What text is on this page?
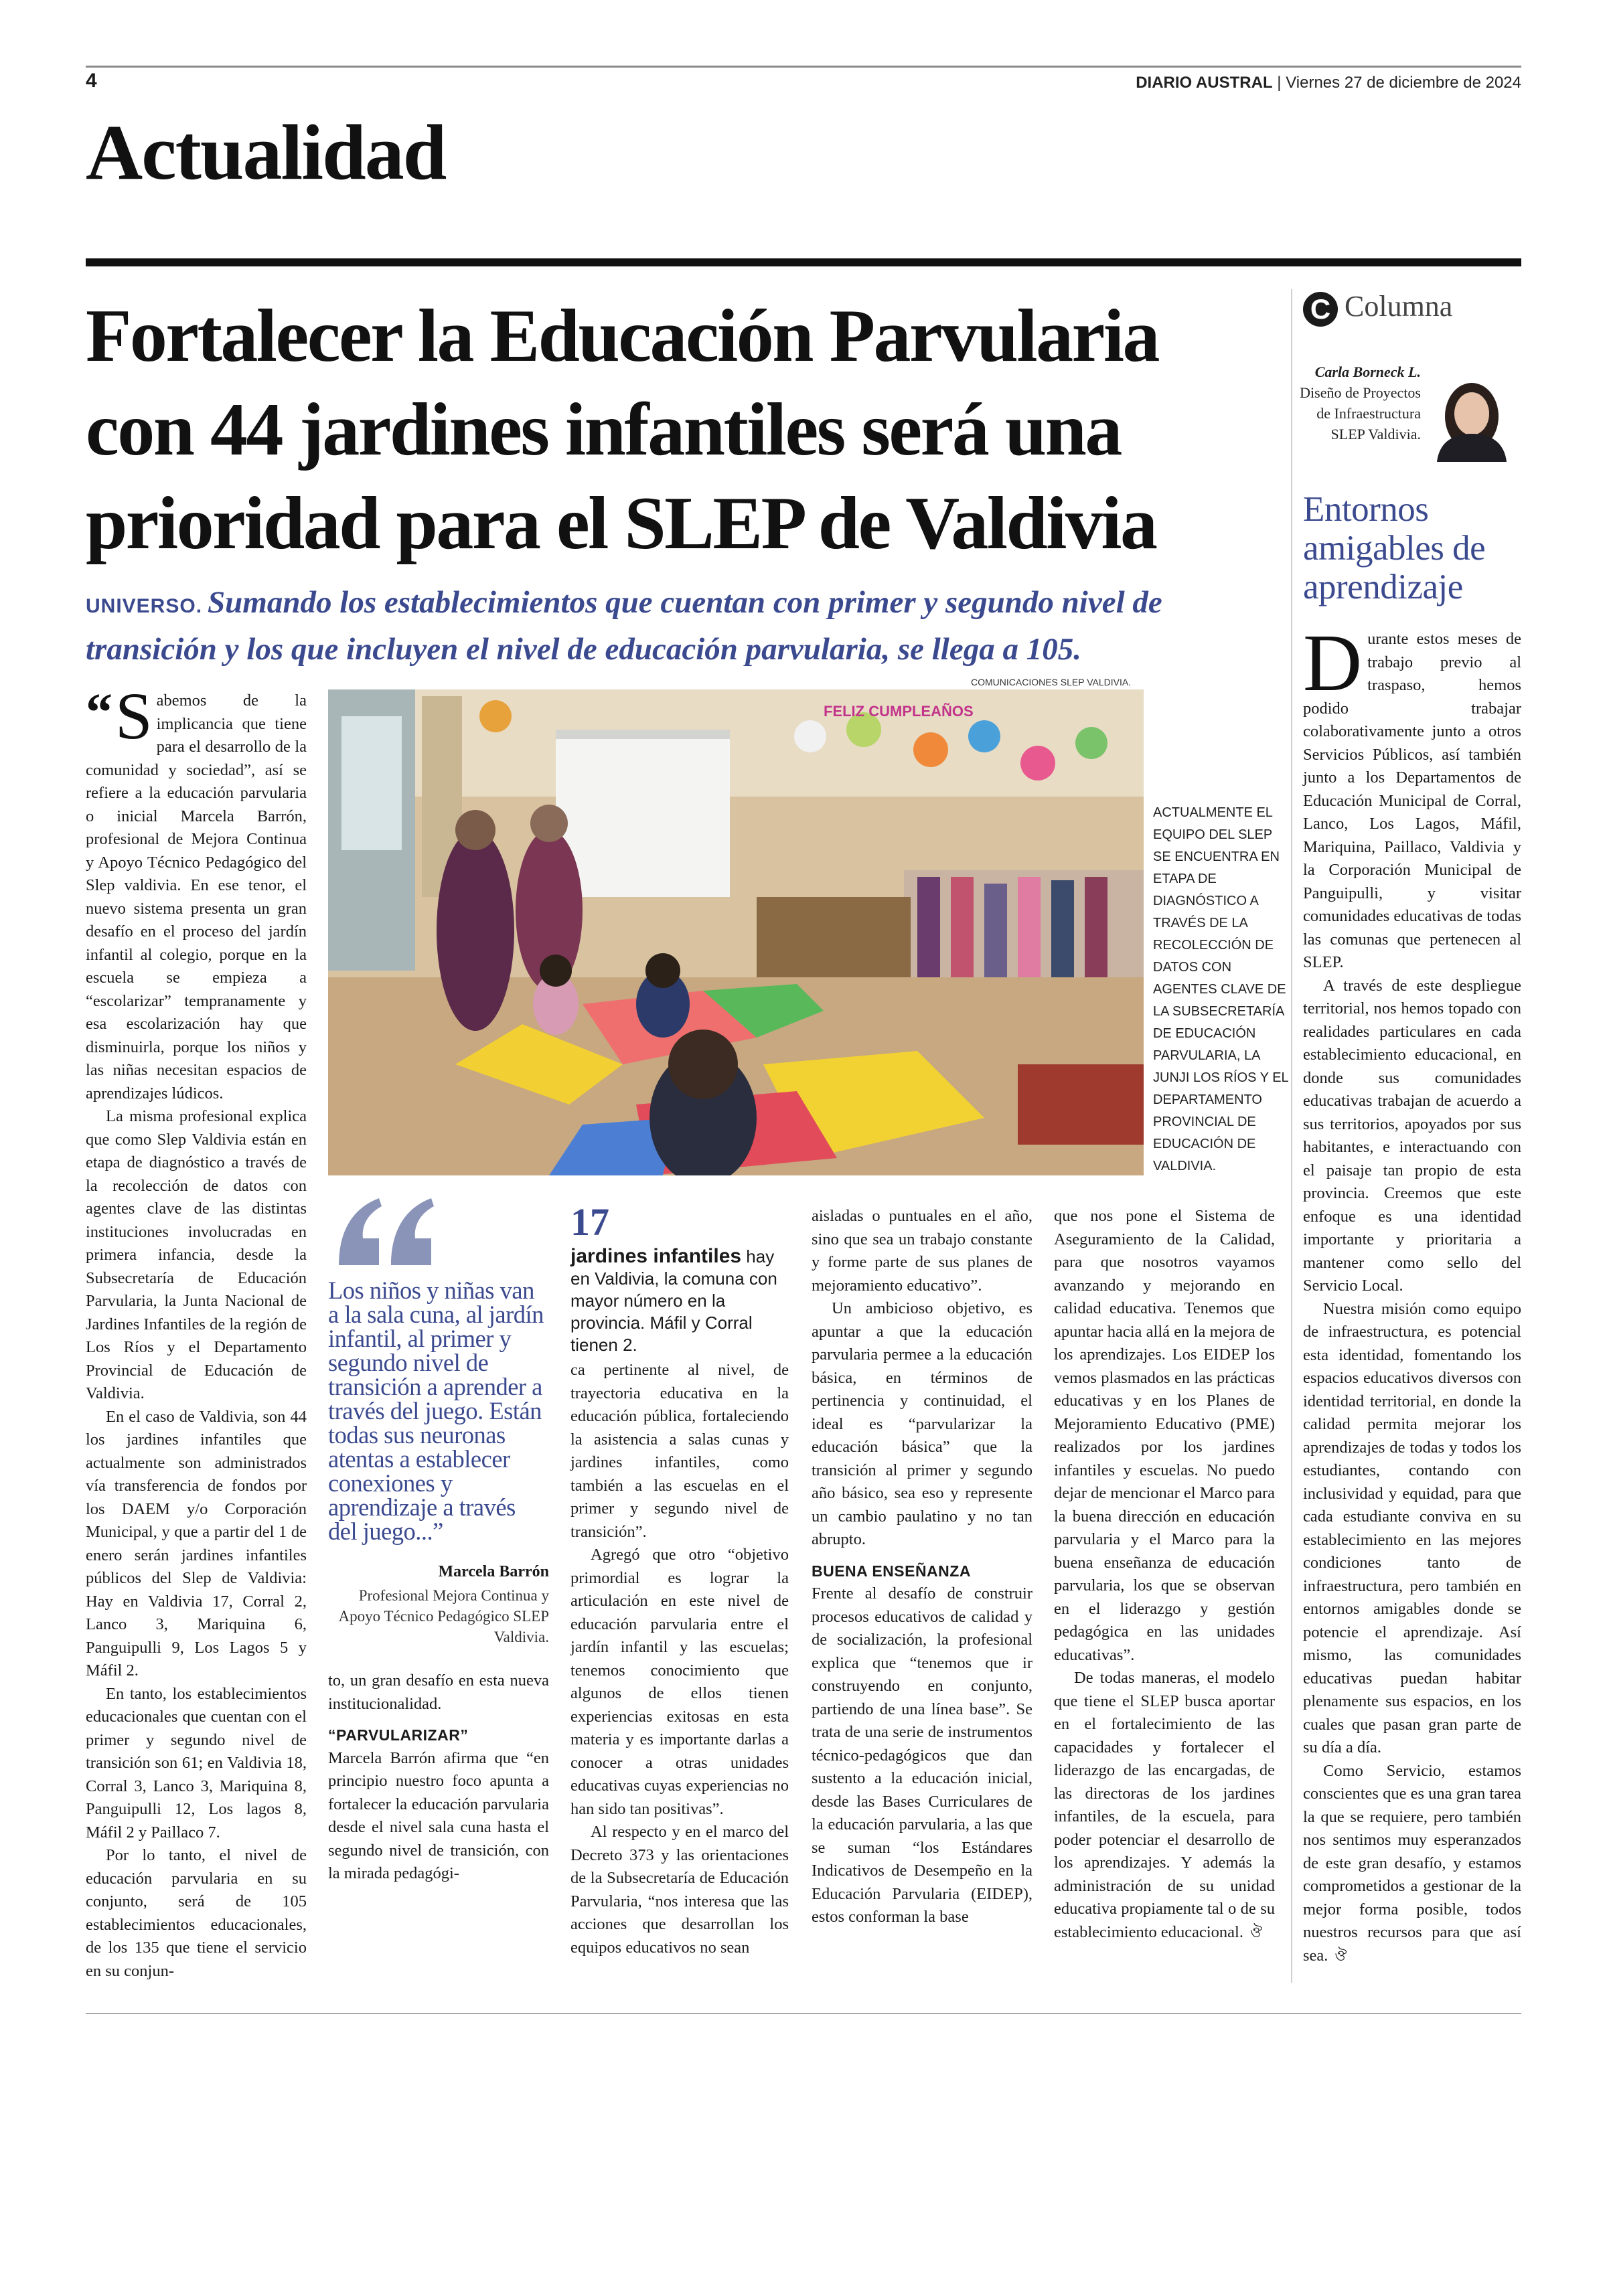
4	DIARIO AUSTRAL | Viernes 27 de diciembre de 2024
Actualidad
Fortalecer la Educación Parvularia
con 44 jardines infantiles será una
prioridad para el SLEP de Valdivia
UNIVERSO. Sumando los establecimientos que cuentan con primer y segundo nivel de transición y los que incluyen el nivel de educación parvularia, se llega a 105.

“ S abemos de la implicancia que tiene para el desarrollo de la comunidad y sociedad”, así se refiere a la educación parvularia o inicial Marcela Barrón, profesional de Mejora Continua y Apoyo Técnico Pedagógico del Slep valdivia. En ese tenor, el nuevo sistema presenta un gran desafío en el proceso del jardín infantil al colegio, porque en la escuela se empieza a “escolarizar” tempranamente y esa escolarización hay que disminuirla, porque los niños y las niñas necesitan espacios de aprendizajes lúdicos.

La misma profesional explica que como Slep Valdivia están en etapa de diagnóstico a través de la recolección de datos con agentes clave de las distintas instituciones involucradas en primera infancia, desde la Subsecretaría de Educación Parvularia, la Junta Nacional de Jardines Infantiles de la región de Los Ríos y el Departamento Provincial de Educación de Valdivia.

En el caso de Valdivia, son 44 los jardines infantiles que actualmente son administrados vía transferencia de fondos por los DAEM y/o Corporación Municipal, y que a partir del 1 de enero serán jardines infantiles públicos del Slep de Valdivia: Hay en Valdivia 17, Corral 2, Lanco 3, Mariquina 6, Panguipulli 9, Los Lagos 5 y Máfil 2.

En tanto, los establecimientos educacionales que cuentan con el primer y segundo nivel de transición son 61; en Valdivia 18, Corral 3, Lanco 3, Mariquina 8, Panguipulli 12, Los lagos 8, Máfil 2 y Paillaco 7.

Por lo tanto, el nivel de educación parvularia en su conjunto, será de 105 establecimientos educacionales, de los 135 que tiene el servicio en su conjun-

COMUNICACIONES SLEP VALDIVIA.
FELIZ CUMPLEAÑOS
ACTUALMENTE EL EQUIPO DEL SLEP SE ENCUENTRA EN ETAPA DE DIAGNÓSTICO A TRAVÉS DE LA RECOLECCIÓN DE DATOS CON AGENTES CLAVE DE LA SUBSECRETARÍA DE EDUCACIÓN PARVULARIA, LA JUNJI LOS RÍOS Y EL DEPARTAMENTO PROVINCIAL DE EDUCACIÓN DE VALDIVIA.
Los niños y niñas van a la sala cuna, al jardín infantil, al primer y segundo nivel de transición a aprender a través del juego. Están todas sus neuronas atentas a establecer conexiones y aprendizaje a través del juego...”
Marcela Barrón
Profesional Mejora Continua y Apoyo Técnico Pedagógico SLEP Valdivia.
17
jardines infantiles hay en Valdivia, la comuna con mayor número en la provincia. Máfil y Corral tienen 2.

to, un gran desafío en esta nueva institucionalidad.

“PARVULARIZAR”

Marcela Barrón afirma que “en principio nuestro foco apunta a fortalecer la educación parvularia desde el nivel sala cuna hasta el segundo nivel de transición, con la mirada pedagógi-

ca pertinente al nivel, de trayectoria educativa en la educación pública, fortaleciendo la asistencia a salas cunas y jardines infantiles, como también a las escuelas en el primer y segundo nivel de transición”.

Agregó que otro “objetivo primordial es lograr la articulación en este nivel de educación parvularia entre el jardín infantil y las escuelas; tenemos conocimiento que algunos de ellos tienen experiencias exitosas en esta materia y es importante darlas a conocer a otras unidades educativas cuyas experiencias no han sido tan positivas”.

Al respecto y en el marco del Decreto 373 y las orientaciones de la Subsecretaría de Educación Parvularia, “nos interesa que las acciones que desarrollan los equipos educativos no sean

aisladas o puntuales en el año, sino que sea un trabajo constante y forme parte de sus planes de mejoramiento educativo”.

Un ambicioso objetivo, es apuntar a que la educación parvularia permee a la educación básica, en términos de pertinencia y continuidad, el ideal es “parvularizar la educación básica” que la transición al primer y segundo año básico, sea eso y represente un cambio paulatino y no tan abrupto.

BUENA ENSEÑANZA

Frente al desafío de construir procesos educativos de calidad y de socialización, la profesional explica que “tenemos que ir construyendo en conjunto, partiendo de una línea base”. Se trata de una serie de instrumentos técnico-pedagógicos que dan sustento a la educación inicial, desde las Bases Curriculares de la educación parvularia, a las que se suman “los Estándares Indicativos de Desempeño en la Educación Parvularia (EIDEP), estos conforman la base

que nos pone el Sistema de Aseguramiento de la Calidad, para que nosotros vayamos avanzando y mejorando en calidad educativa. Tenemos que apuntar hacia allá en la mejora de los aprendizajes. Los EIDEP los vemos plasmados en las prácticas educativas y en los Planes de Mejoramiento Educativo (PME) realizados por los jardines infantiles y escuelas. No puedo dejar de mencionar el Marco para la buena dirección en educación parvularia y el Marco para la buena enseñanza de educación parvularia, los que se observan en el liderazgo y gestión pedagógica en las unidades educativas”.

De todas maneras, el modelo que tiene el SLEP busca aportar en el fortalecimiento de las capacidades y fortalecer el liderazgo de las encargadas, de las directoras de los jardines infantiles, de la escuela, para poder potenciar el desarrollo de los aprendizajes. Y además la administración de su unidad educativa propiamente tal o de su establecimiento educacional. ঔ

C Columna
Carla Borneck L.
Diseño de Proyectos de Infraestructura SLEP Valdivia.
Entornos amigables de aprendizaje

D urante estos meses de trabajo previo al traspaso, hemos podido trabajar colaborativamente junto a otros Servicios Públicos, así también junto a los Departamentos de Educación Municipal de Corral, Lanco, Los Lagos, Máfil, Mariquina, Paillaco, Valdivia y la Corporación Municipal de Panguipulli, y visitar comunidades educativas de todas las comunas que pertenecen al SLEP.

A través de este despliegue territorial, nos hemos topado con realidades particulares en cada establecimiento educacional, en donde sus comunidades educativas trabajan de acuerdo a sus territorios, apoyados por sus habitantes, e interactuando con el paisaje tan propio de esta provincia. Creemos que este enfoque es una identidad importante y prioritaria a mantener como sello del Servicio Local.

Nuestra misión como equipo de infraestructura, es potencial esta identidad, fomentando los espacios educativos diversos con identidad territorial, en donde la calidad permita mejorar los aprendizajes de todas y todos los estudiantes, contando con inclusividad y equidad, para que cada estudiante conviva en su establecimiento en las mejores condiciones tanto de infraestructura, pero también en entornos amigables donde se potencie el aprendizaje. Así mismo, las comunidades educativas puedan habitar plenamente sus espacios, en los cuales que pasan gran parte de su día a día.

Como Servicio, estamos conscientes que es una gran tarea la que se requiere, pero también nos sentimos muy esperanzados de este gran desafío, y estamos comprometidos a gestionar de la mejor forma posible, todos nuestros recursos para que así sea. ঔ
